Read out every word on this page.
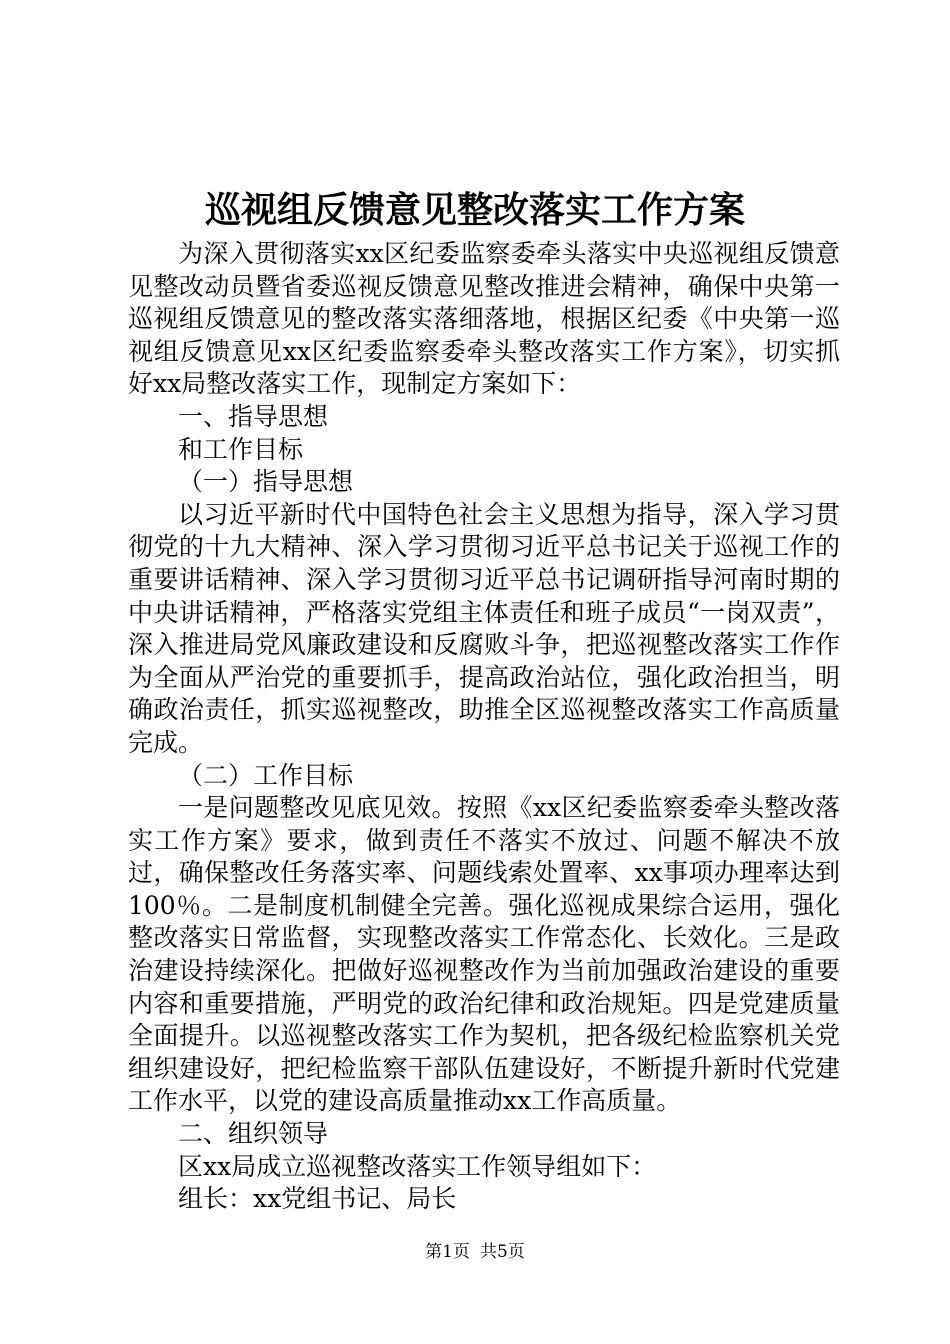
巡视组反馈意见整改落实工作方案

为深入贯彻落实xx区纪委监察委牵头落实中央巡视组反馈意见整改动员暨省委巡视反馈意见整改推进会精神，确保中央第一巡视组反馈意见的整改落实落细落地，根据区纪委《中央第一巡视组反馈意见xx区纪委监察委牵头整改落实工作方案》，切实抓好xx局整改落实工作，现制定方案如下：

一、指导思想

和工作目标

（一）指导思想

以习近平新时代中国特色社会主义思想为指导，深入学习贯彻党的十九大精神、深入学习贯彻习近平总书记关于巡视工作的重要讲话精神、深入学习贯彻习近平总书记调研指导河南时期的中央讲话精神，严格落实党组主体责任和班子成员“一岗双责”，深入推进局党风廉政建设和反腐败斗争，把巡视整改落实工作作为全面从严治党的重要抓手，提高政治站位，强化政治担当，明确政治责任，抓实巡视整改，助推全区巡视整改落实工作高质量完成。

（二）工作目标

一是问题整改见底见效。按照《xx区纪委监察委牵头整改落实工作方案》要求，做到责任不落实不放过、问题不解决不放过，确保整改任务落实率、问题线索处置率、xx事项办理率达到100％。二是制度机制健全完善。强化巡视成果综合运用，强化整改落实日常监督，实现整改落实工作常态化、长效化。三是政治建设持续深化。把做好巡视整改作为当前加强政治建设的重要内容和重要措施，严明党的政治纪律和政治规矩。四是党建质量全面提升。以巡视整改落实工作为契机，把各级纪检监察机关党组织建设好，把纪检监察干部队伍建设好，不断提升新时代党建工作水平，以党的建设高质量推动xx工作高质量。

二、组织领导

区xx局成立巡视整改落实工作领导组如下：

组长：xx党组书记、局长

第1页 共5页
